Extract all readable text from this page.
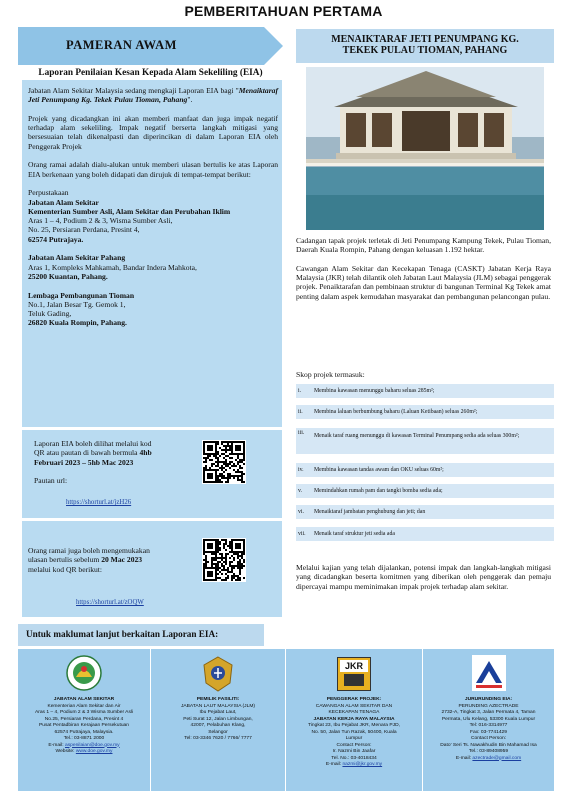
PEMBERITAHUAN PERTAMA
PAMERAN AWAM	MENAIKTARAF JETI PENUMPANG KG.
TEKEK PULAU TIOMAN, PAHANG
Laporan Penilaian Kesan Kepada Alam Sekeliling (EIA)

Jabatan Alam Sekitar Malaysia sedang mengkaji Laporan EIA bagi "Menaiktaraf Jeti Penumpang Kg. Tekek Pulau Tioman, Pahang".

Projek yang dicadangkan ini akan memberi manfaat dan juga impak negatif terhadap alam sekeliling. Impak negatif berserta langkah mitigasi yang bersesuaian telah dikenalpasti dan diperincikan di dalam Laporan EIA oleh Penggerak Projek

Orang ramai adalah dialu-alukan untuk memberi ulasan bertulis ke atas Laporan EIA berkenaan yang boleh didapati dan dirujuk di tempat-tempat berikut:

Perpustakaan
Jabatan Alam Sekitar
Kementerian Sumber Asli, Alam Sekitar dan Perubahan Iklim
Aras 1 – 4, Podium 2 & 3, Wisma Sumber Asli,
No. 25, Persiaran Perdana, Presint 4,
62574 Putrajaya.
Jabatan Alam Sekitar Pahang
Aras 1, Kompleks Mahkamah, Bandar Indera Mahkota,
25200 Kuantan, Pahang.
Lembaga Pembangunan Tioman
No.1, Jalan Besar Tg. Gemok 1,
Teluk Gading,
26820 Kuala Rompin, Pahang.
Laporan EIA boleh dilihat melalui kod
QR atau pautan di bawah bermula 4hb
Februari 2023 – 5hb Mac 2023
Pautan url:
https://shorturl.at/jzH26
Orang ramai juga boleh mengemukakan
ulasan bertulis sebelum 20 Mac 2023
melalui kod QR berikut:
https://shorturl.at/zOQW

Cadangan tapak projek terletak di Jeti Penumpang Kampung Tekek, Pulau Tioman, Daerah Kuala Rompin, Pahang dengan keluasan 1.192 hektar.

Cawangan Alam Sekitar dan Kecekapan Tenaga (CASKT) Jabatan Kerja Raya Malaysia (JKR) telah dilantik oleh Jabatan Laut Malaysia (JLM) sebagai penggerak projek. Penaiktarafan dan pembinaan struktur di bangunan Terminal Kg Tekek amat penting dalam aspek kemudahan masyarakat dan pembangunan pelancongan pulau.

Skop projek termasuk:
i. Membina kawasan menunggu baharu seluas 285m²;
ii. Membina laluan berbumbung baharu (Laluan Ketibaan) seluas 260m²;
iii. Menaik taraf ruang menunggu di kawasan Terminal Penumpang sedia ada seluas 300m²;
iv. Membina kawasan tandas awam dan OKU seluas 60m²;
v. Memindahkan rumah pam dan tangki bomba sedia ada;
vi. Menaiktaraf jambatan penghubung dan jeti; dan
vii. Menaik taraf struktur jeti sedia ada
Melalui kajian yang telah dijalankan, potensi impak dan langkah-langkah mitigasi yang dicadangkan beserta komitmen yang diberikan oleh penggerak dan pemaju dipercayai mampu meminimakan impak projek terhadap alam sekitar.
Untuk maklumat lanjut berkaitan Laporan EIA:
JABATAN ALAM SEKITAR
Kementerian Alam Sekitar dan Air
Aras 1 – 4, Podium 2 & 3 Wisma Sumber Asli
No.25, Persiaran Perdana, Presint 4
Pusat Pentadbiran Kerajaan Persekutuan
62574 Putrajaya, Malaysia.
Tel.: 03-8871 2000
E-mail: aspenilaian@doe.gov.my
Website: www.doe.gov.my
PEMILIK FASILITI:
JABATAN LAUT MALAYSIA (JLM)
Ibu Pejabat Laut,
Peti Surat 12, Jalan Limbungan,
42007, Pelabuhan Klang,
Selangor
Tel: 03-3346 7620 / 7766/ 7777
JKR
PENGGERAK PROJEK:
CAWANGAN ALAM SEKITAR DAN
KECEKAPAN TENAGA
JABATAN KERJA RAYA MALAYSIA
Tingkat 23, Ibu Pejabat JKR, Menara PJD,
No. 50, Jalan Tun Razak, 50400, Kuala
Lumpur
Contact Person:
Ir. Nazmi Bin Jaafar
Tel. No.: 03-4018434
E-mail: nazmi@jkr.gov.my
JURURUNDING EIA:
PERUNDING AZECTRADE
2732-A, Tingkat 3, Jalan Permata 4, Taman
Permata, Ulu Kelang, 53300 Kuala Lumpur
Tel: 016-3314977
Fax: 03-7741429
Contact Person:
Dato' Seri Ts. Nawakhudin Bin Mahamad Isa
Tel.: 03-89408959
E-mail: azectrade@gmail.com
